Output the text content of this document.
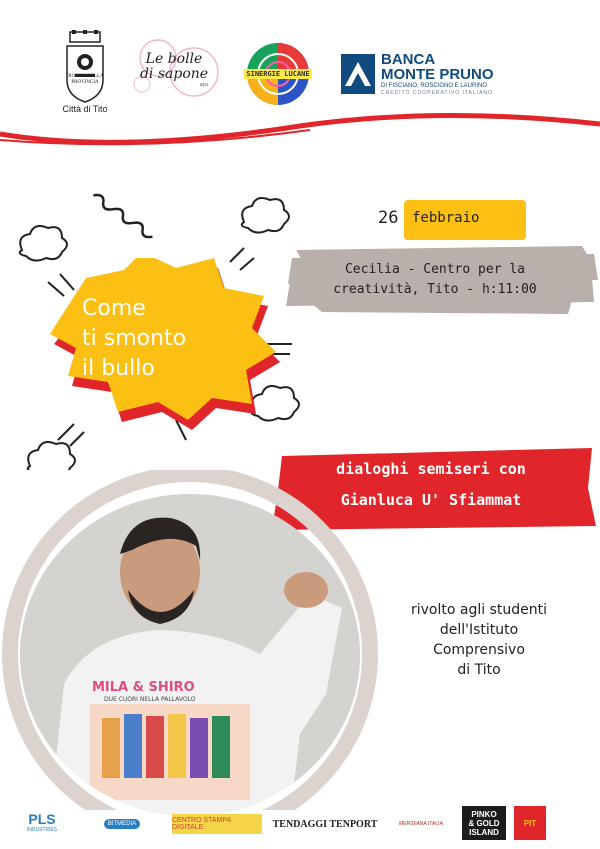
DIOCESI DELLA
PROVINCIA
Città di Tito
Le bolle
di sapone
aps
SINERGIE LUCANE
BANCA
MONTE PRUNO
DI FISCIANO, ROSCIGNO E LAURINO
CREDITO COOPERATIVO ITALIANO
Come
ti smonto
il bullo
26 febbraio
Cecilia - Centro per la
creatività, Tito - h:11:00
dialoghi semiseri con
Gianluca U' Sfiammat
MILA & SHIRO
DUE CUORI NELLA PALLAVOLO
rivolto agli studenti
dell'Istituto
Comprensivo
di Tito
PLS
INDUSTRIES
BITMEDIA	CENTRO STAMPA DIGITALE	TENDAGGI TENPORT	MERIDIANA ITALIA
PINKO
& GOLD
ISLAND
PIT
